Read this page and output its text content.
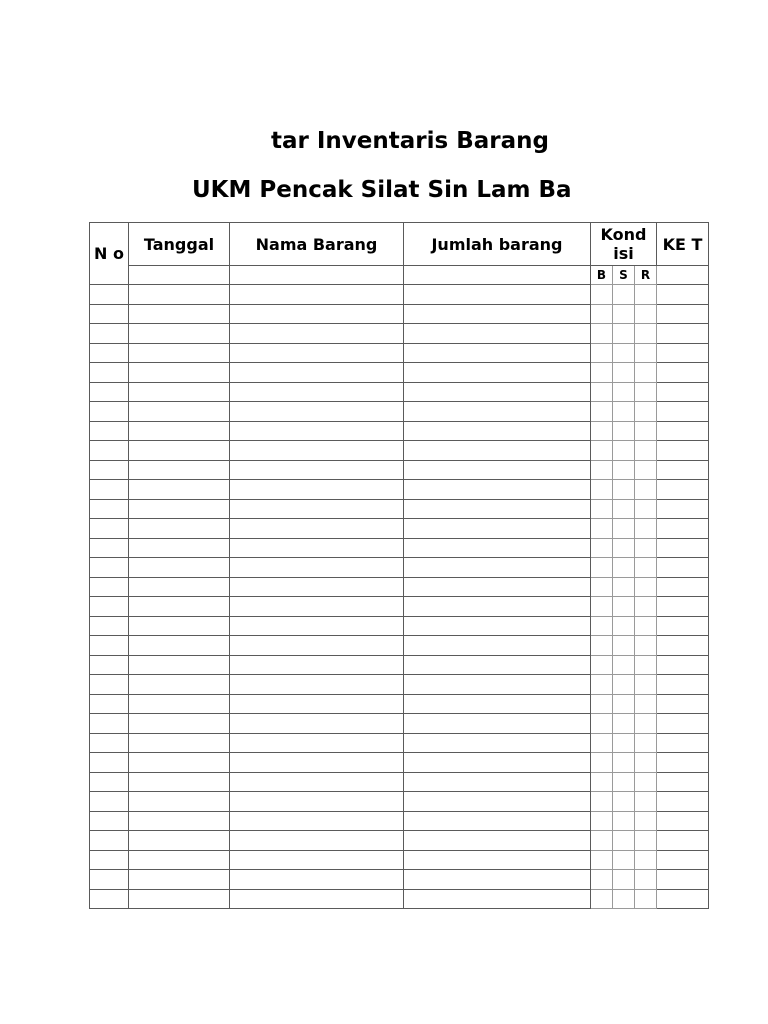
tar Inventaris Barang
UKM Pencak Silat Sin Lam Ba
N o	Tanggal	Nama Barang	Jumlah barang	Kond isi			KE T
				B	S	R	
